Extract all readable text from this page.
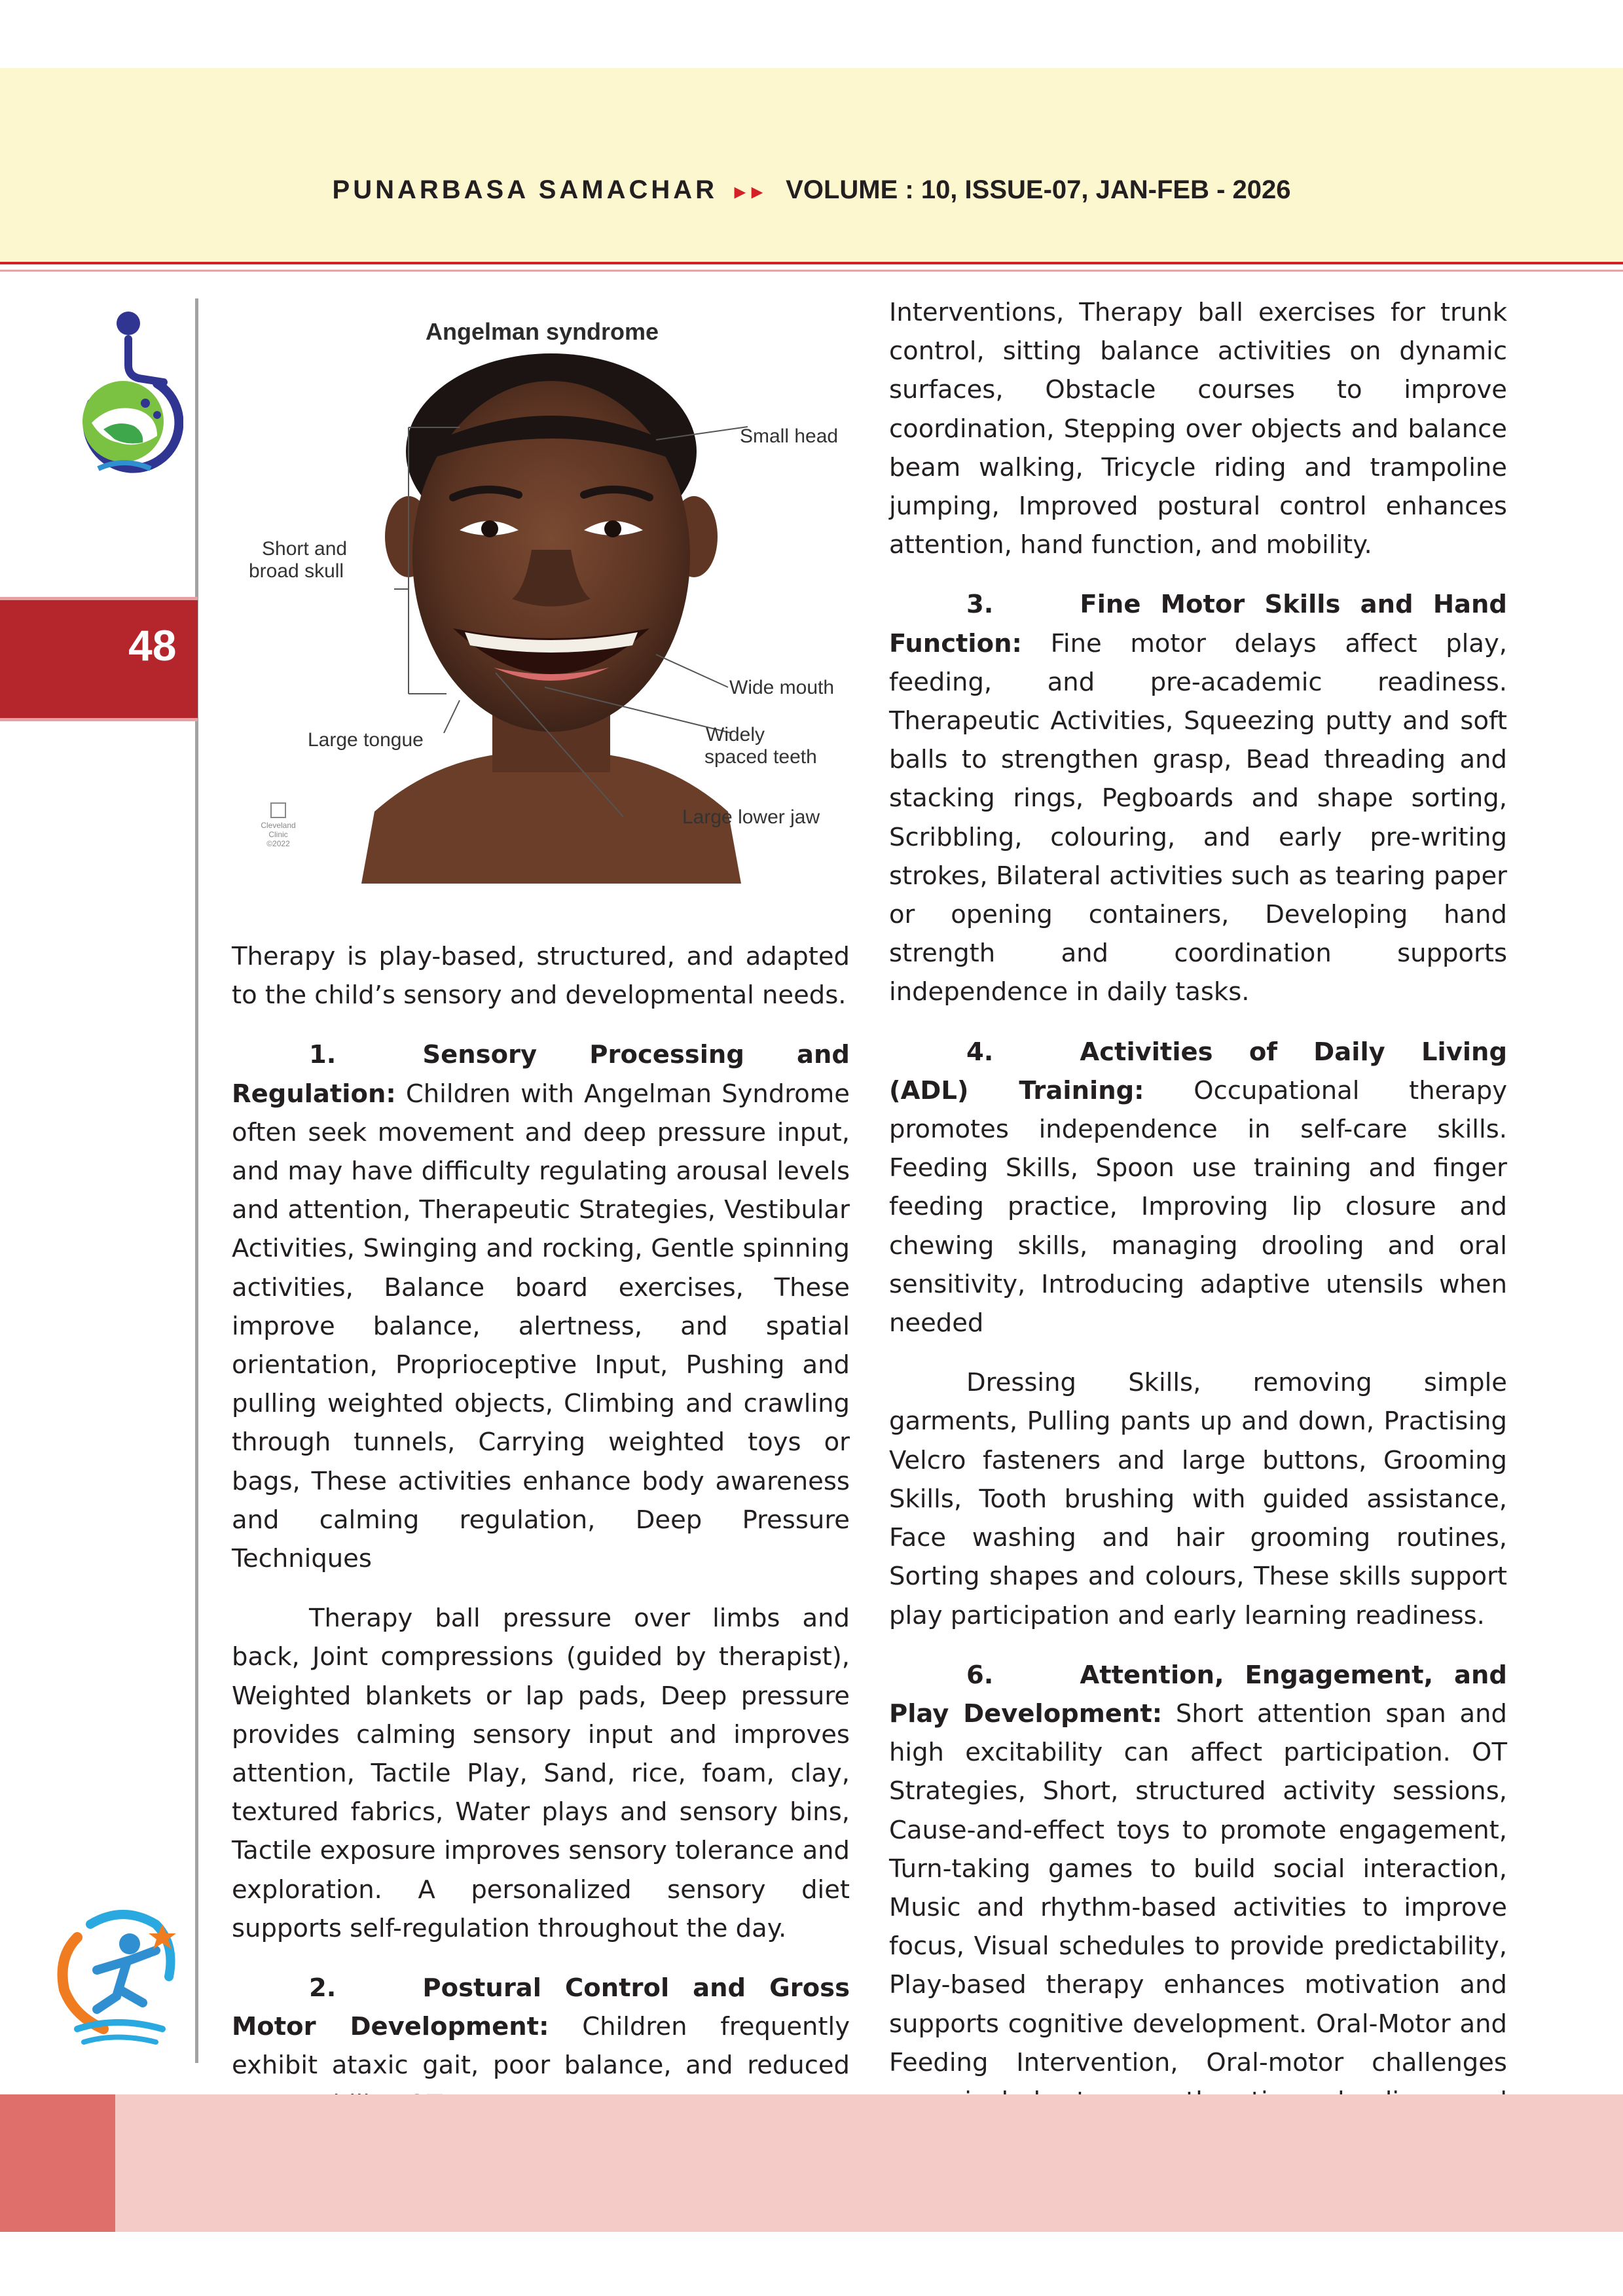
PUNARBASA SAMACHAR ▸▸ VOLUME : 10, ISSUE-07, JAN-FEB - 2026
48
Angelman syndrome
Small head
Short and
broad skull
Wide mouth
Large tongue	Widely
spaced teeth
Large lower jaw
Cleveland
Clinic
©2022

Therapy is play-based, structured, and adapted to the child’s sensory and developmental needs.

1.	Sensory Processing and Regulation: Children with Angelman Syndrome often seek movement and deep pressure input, and may have difficulty regulating arousal levels and attention, Therapeutic Strategies, Vestibular Activities, Swinging and rocking, Gentle spinning activities, Balance board exercises, These improve balance, alertness, and spatial orientation, Proprioceptive Input, Pushing and pulling weighted objects, Climbing and crawling through tunnels, Carrying weighted toys or bags, These activities enhance body awareness and calming regulation, Deep Pressure Techniques

Therapy ball pressure over limbs and back, Joint compressions (guided by therapist), Weighted blankets or lap pads, Deep pressure provides calming sensory input and improves attention, Tactile Play, Sand, rice, foam, clay, textured fabrics, Water plays and sensory bins, Tactile exposure improves sensory tolerance and exploration. A personalized sensory diet supports self-regulation throughout the day.

2.	Postural Control and Gross Motor Development: Children frequently exhibit ataxic gait, poor balance, and reduced

Interventions, Therapy ball exercises for trunk control, sitting balance activities on dynamic surfaces, Obstacle courses to improve coordination, Stepping over objects and balance beam walking, Tricycle riding and trampoline jumping, Improved postural control enhances attention, hand function, and mobility.

3.	Fine Motor Skills and Hand Function: Fine motor delays affect play, feeding, and pre-academic readiness. Therapeutic Activities, Squeezing putty and soft balls to strengthen grasp, Bead threading and stacking rings, Pegboards and shape sorting, Scribbling, colouring, and early pre-writing strokes, Bilateral activities such as tearing paper or opening containers, Developing hand strength and coordination supports independence in daily tasks.

4.	Activities of Daily Living (ADL) Training: Occupational therapy promotes independence in self-care skills. Feeding Skills, Spoon use training and finger feeding practice, Improving lip closure and chewing skills, managing drooling and oral sensitivity, Introducing adaptive utensils when needed

Dressing Skills, removing simple garments, Pulling pants up and down, Practising Velcro fasteners and large buttons, Grooming Skills, Tooth brushing with guided assistance, Face washing and hair grooming routines, Sorting shapes and colours, These skills support play participation and early learning readiness.

6.	Attention, Engagement, and Play Development: Short attention span and high excitability can affect participation. OT Strategies, Short, structured activity sessions, Cause-and-effect toys to promote engagement, Turn-taking games to build social interaction, Music and rhythm-based activities to improve focus, Visual schedules to provide predictability, Play-based therapy enhances motivation and supports cognitive development. Oral-Motor and Feeding Intervention, Oral-motor challenges
